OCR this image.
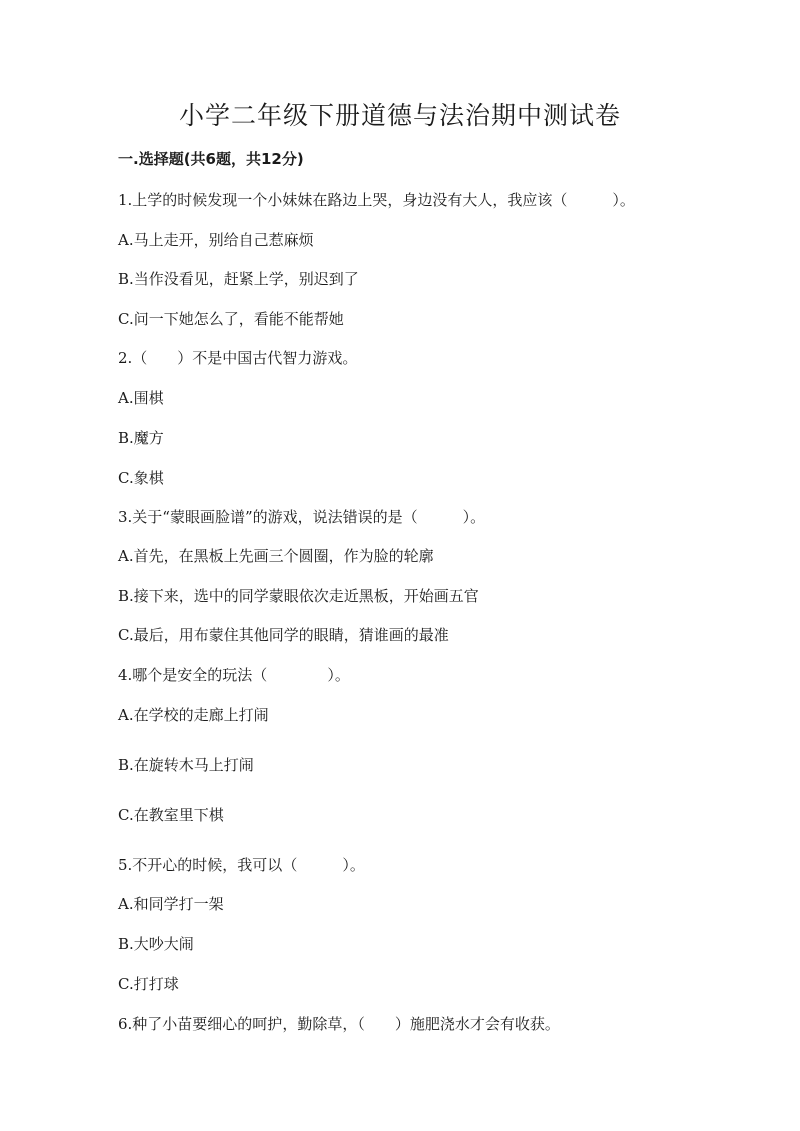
小学二年级下册道德与法治期中测试卷
一.选择题(共6题，共12分)
1.上学的时候发现一个小妹妹在路边上哭，身边没有大人，我应该（　　　）。
A.马上走开，别给自己惹麻烦
B.当作没看见，赶紧上学，别迟到了
C.问一下她怎么了，看能不能帮她
2.（　　）不是中国古代智力游戏。
A.围棋
B.魔方
C.象棋
3.关于“蒙眼画脸谱”的游戏，说法错误的是（　　　）。
A.首先，在黑板上先画三个圆圈，作为脸的轮廓
B.接下来，选中的同学蒙眼依次走近黑板，开始画五官
C.最后，用布蒙住其他同学的眼睛，猜谁画的最准
4.哪个是安全的玩法（　　　　）。
A.在学校的走廊上打闹
B.在旋转木马上打闹
C.在教室里下棋
5.不开心的时候，我可以（　　　）。
A.和同学打一架
B.大吵大闹
C.打打球
6.种了小苗要细心的呵护，勤除草，（　　）施肥浇水才会有收获。
